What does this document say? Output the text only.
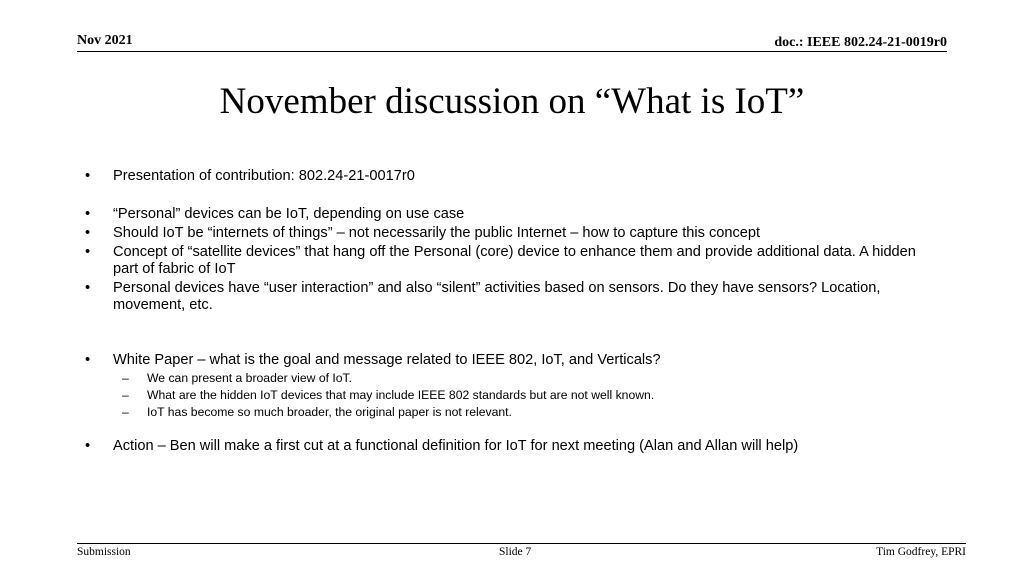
Nov 2021	doc.: IEEE 802.24-21-0019r0
November discussion on “What is IoT”
• Presentation of contribution: 802.24-21-0017r0
• “Personal” devices can be IoT, depending on use case
• Should IoT be “internets of things” – not necessarily the public Internet – how to capture this concept
• Concept of “satellite devices” that hang off the Personal (core) device to enhance them and provide additional data. A hidden part of fabric of IoT
• Personal devices have “user interaction” and also “silent” activities based on sensors. Do they have sensors? Location, movement, etc.
• White Paper – what is the goal and message related to IEEE 802, IoT, and Verticals?
– We can present a broader view of IoT.
– What are the hidden IoT devices that may include IEEE 802 standards but are not well known.
– IoT has become so much broader, the original paper is not relevant.
• Action – Ben will make a first cut at a functional definition for IoT for next meeting (Alan and Allan will help)
Submission	Slide 7	Tim Godfrey, EPRI
